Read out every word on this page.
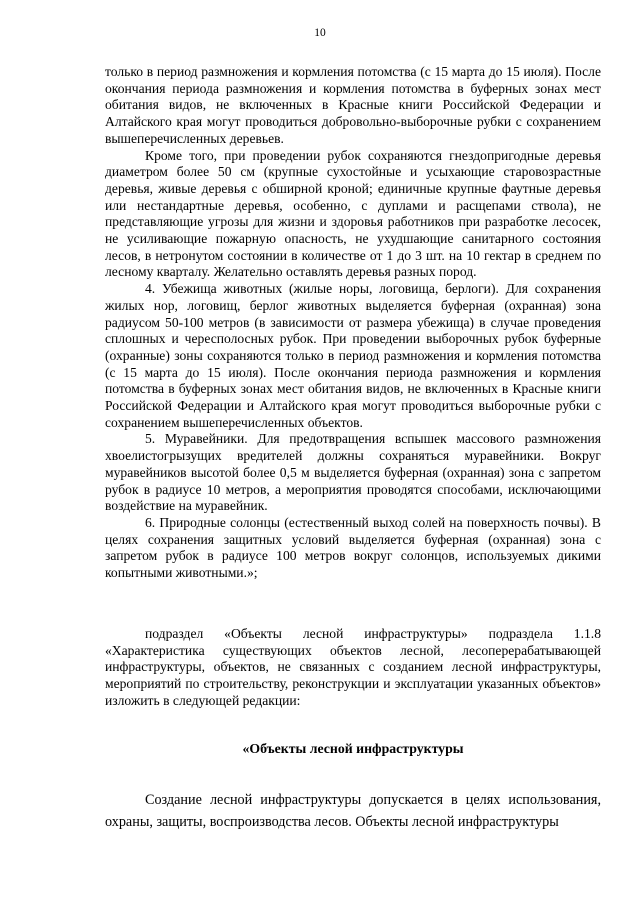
10

только в период размножения и кормления потомства (с 15 марта до 15 июля). После окончания периода размножения и кормления потомства в буферных зонах мест обитания видов, не включенных в Красные книги Российской Федерации и Алтайского края могут проводиться добровольно-выборочные рубки с сохранением вышеперечисленных деревьев.

Кроме того, при проведении рубок сохраняются гнездопригодные деревья диаметром более 50 см (крупные сухостойные и усыхающие старовозрастные деревья, живые деревья с обширной кроной; единичные крупные фаутные деревья или нестандартные деревья, особенно, с дуплами и расщепами ствола), не представляющие угрозы для жизни и здоровья работников при разработке лесосек, не усиливающие пожарную опасность, не ухудшающие санитарного состояния лесов, в нетронутом состоянии в количестве от 1 до 3 шт. на 10 гектар в среднем по лесному кварталу. Желательно оставлять деревья разных пород.

4. Убежища животных (жилые норы, логовища, берлоги). Для сохранения жилых нор, логовищ, берлог животных выделяется буферная (охранная) зона радиусом 50-100 метров (в зависимости от размера убежища) в случае проведения сплошных и чересполосных рубок. При проведении выборочных рубок буферные (охранные) зоны сохраняются только в период размножения и кормления потомства (с 15 марта до 15 июля). После окончания периода размножения и кормления потомства в буферных зонах мест обитания видов, не включенных в Красные книги Российской Федерации и Алтайского края могут проводиться выборочные рубки с сохранением вышеперечисленных объектов.

5. Муравейники. Для предотвращения вспышек массового размножения хвоелистогрызущих вредителей должны сохраняться муравейники. Вокруг муравейников высотой более 0,5 м выделяется буферная (охранная) зона с запретом рубок в радиусе 10 метров, а мероприятия проводятся способами, исключающими воздействие на муравейник.

6. Природные солонцы (естественный выход солей на поверхность почвы). В целях сохранения защитных условий выделяется буферная (охранная) зона с запретом рубок в радиусе 100 метров вокруг солонцов, используемых дикими копытными животными.»;

подраздел «Объекты лесной инфраструктуры» подраздела 1.1.8 «Характеристика существующих объектов лесной, лесоперерабатывающей инфраструктуры, объектов, не связанных с созданием лесной инфраструктуры, мероприятий по строительству, реконструкции и эксплуатации указанных объектов» изложить в следующей редакции:

«Объекты лесной инфраструктуры

Создание лесной инфраструктуры допускается в целях использования, охраны, защиты, воспроизводства лесов. Объекты лесной инфраструктуры
